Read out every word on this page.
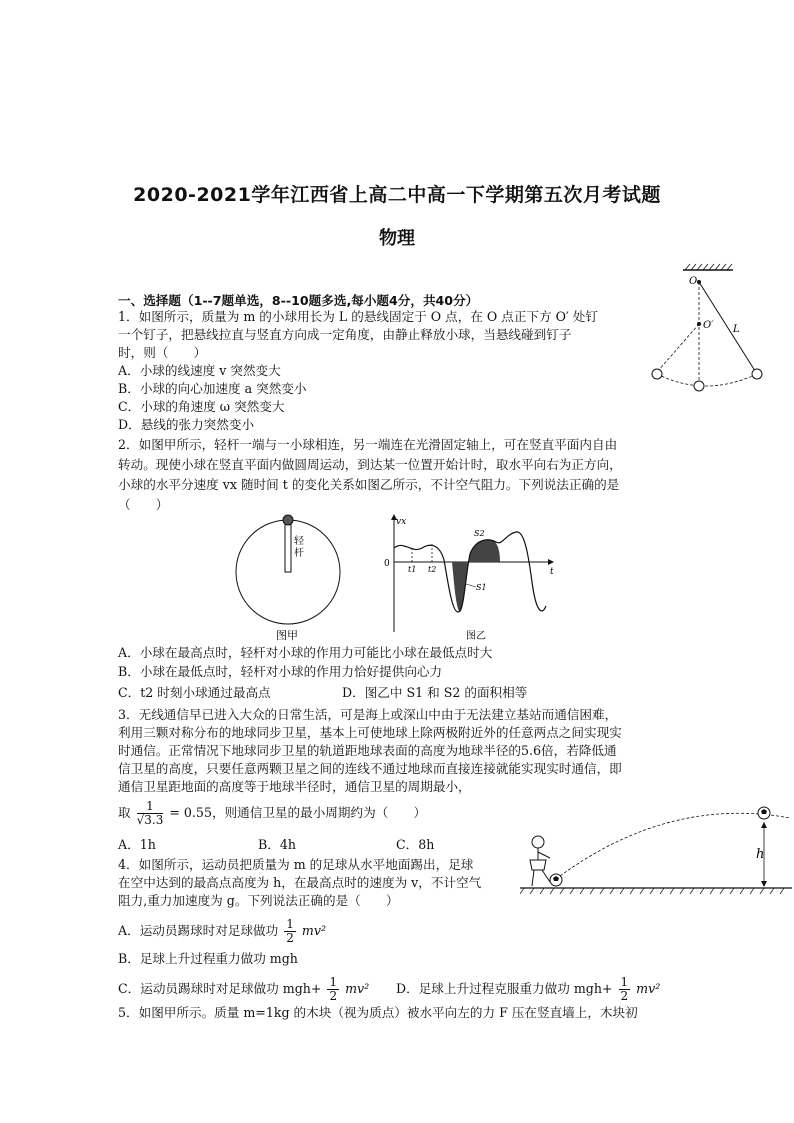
2020-2021学年江西省上高二中高一下学期第五次月考试题
物理
一、选择题（1--7题单选，8--10题多选,每小题4分，共40分）
1．如图所示，质量为 m 的小球用长为 L 的悬线固定于 O 点，在 O 点正下方 O′ 处钉
一个钉子，把悬线拉直与竖直方向成一定角度，由静止释放小球，当悬线碰到钉子
时，则（　　）
A．小球的线速度 v 突然变大
B．小球的向心加速度 a 突然变小
C．小球的角速度 ω 突然变大
D．悬线的张力突然变小
O
O′ L
2．如图甲所示，轻杆一端与一小球相连，另一端连在光滑固定轴上，可在竖直平面内自由
转动。现使小球在竖直平面内做圆周运动，到达某一位置开始计时，取水平向右为正方向，
小球的水平分速度 vx 随时间 t 的变化关系如图乙所示，不计空气阻力。下列说法正确的是
（　　）
轻
杆
图甲
vx
t
0
t1 t2
S2
S1
图乙
A．小球在最高点时，轻杆对小球的作用力可能比小球在最低点时大
B．小球在最低点时，轻杆对小球的作用力恰好提供向心力
C．t2 时刻小球通过最高点	D．图乙中 S1 和 S2 的面积相等
3．无线通信早已进入大众的日常生活，可是海上或深山中由于无法建立基站而通信困难，
利用三颗对称分布的地球同步卫星，基本上可使地球上除两极附近外的任意两点之间实现实
时通信。正常情况下地球同步卫星的轨道距地球表面的高度为地球半径的5.6倍，若降低通
信卫星的高度，只要任意两颗卫星之间的连线不通过地球而直接连接就能实现实时通信，即
通信卫星距地面的高度等于地球半径时，通信卫星的周期最小，
取 $\frac{1}{√3.3} = 0.55$，则通信卫星的最小周期约为（　　）
A．1h	B．4h	C．8h
4．如图所示，运动员把质量为 m 的足球从水平地面踢出，足球
在空中达到的最高点高度为 h，在最高点时的速度为 v，不计空气
阻力,重力加速度为 g。下列说法正确的是（　　）
A．运动员踢球时对足球做功 $\frac{1}{2} mv^2$
B．足球上升过程重力做功 mgh
C．运动员踢球时对足球做功 $mgh+ \frac{1}{2} mv^2$ D．足球上升过程克服重力做功 $mgh+ \frac{1}{2} mv^2$
h
5．如图甲所示。质量 m=1kg 的木块（视为质点）被水平向左的力 F 压在竖直墙上，木块初
